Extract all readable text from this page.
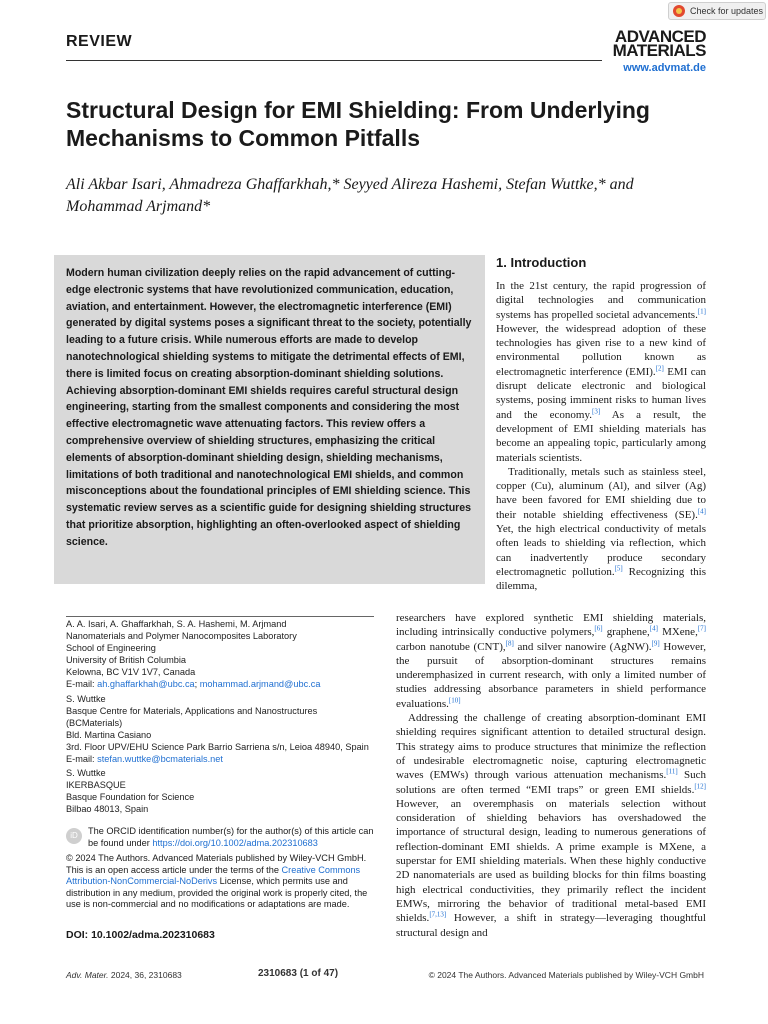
Check for updates
REVIEW	ADVANCED
MATERIALS
www.advmat.de
Structural Design for EMI Shielding: From Underlying Mechanisms to Common Pitfalls
Ali Akbar Isari, Ahmadreza Ghaffarkhah,* Seyyed Alireza Hashemi, Stefan Wuttke,* and Mohammad Arjmand*
Modern human civilization deeply relies on the rapid advancement of cutting-edge electronic systems that have revolutionized communication, education, aviation, and entertainment. However, the electromagnetic interference (EMI) generated by digital systems poses a significant threat to the society, potentially leading to a future crisis. While numerous efforts are made to develop nanotechnological shielding systems to mitigate the detrimental effects of EMI, there is limited focus on creating absorption-dominant shielding solutions. Achieving absorption-dominant EMI shields requires careful structural design engineering, starting from the smallest components and considering the most effective electromagnetic wave attenuating factors. This review offers a comprehensive overview of shielding structures, emphasizing the critical elements of absorption-dominant shielding design, shielding mechanisms, limitations of both traditional and nanotechnological EMI shields, and common misconceptions about the foundational principles of EMI shielding science. This systematic review serves as a scientific guide for designing shielding structures that prioritize absorption, highlighting an often-overlooked aspect of shielding science.
1. Introduction

In the 21st century, the rapid progression of digital technologies and communication systems has propelled societal advancements.[1] However, the widespread adoption of these technologies has given rise to a new kind of environmental pollution known as electromagnetic interference (EMI).[2] EMI can disrupt delicate electronic and biological systems, posing imminent risks to human lives and the economy.[3] As a result, the development of EMI shielding materials has become an appealing topic, particularly among materials scientists.

Traditionally, metals such as stainless steel, copper (Cu), aluminum (Al), and silver (Ag) have been favored for EMI shielding due to their notable shielding effectiveness (SE).[4] Yet, the high electrical conductivity of metals often leads to shielding via reflection, which can inadvertently produce secondary electromagnetic pollution.[5] Recognizing this dilemma,

researchers have explored synthetic EMI shielding materials, including intrinsically conductive polymers,[6] graphene,[4] MXene,[7] carbon nanotube (CNT),[8] and silver nanowire (AgNW).[9] However, the pursuit of absorption-dominant structures remains underemphasized in current research, with only a limited number of studies addressing absorbance parameters in shield performance evaluations.[10]

Addressing the challenge of creating absorption-dominant EMI shielding requires significant attention to detailed structural design. This strategy aims to produce structures that minimize the reflection of undesirable electromagnetic noise, capturing electromagnetic waves (EMWs) through various attenuation mechanisms.[11] Such solutions are often termed “EMI traps” or green EMI shields.[12] However, an overemphasis on materials selection without consideration of shielding behaviors has overshadowed the importance of structural design, leading to numerous generations of reflection-dominant EMI shields. A prime example is MXene, a superstar for EMI shielding materials. When these highly conductive 2D nanomaterials are used as building blocks for thin films boasting high electrical conductivities, they primarily reflect the incident EMWs, mirroring the behavior of traditional metal-based EMI shields.[7,13] However, a shift in strategy—leveraging thoughtful structural design and

A. A. Isari, A. Ghaffarkhah, S. A. Hashemi, M. Arjmand
Nanomaterials and Polymer Nanocomposites Laboratory
School of Engineering
University of British Columbia
Kelowna, BC V1V 1V7, Canada
E-mail: ah.ghaffarkhah@ubc.ca; mohammad.arjmand@ubc.ca
S. Wuttke
Basque Centre for Materials, Applications and Nanostructures
(BCMaterials)
Bld. Martina Casiano
3rd. Floor UPV/EHU Science Park Barrio Sarriena s/n, Leioa 48940, Spain
E-mail: stefan.wuttke@bcmaterials.net
S. Wuttke
IKERBASQUE
Basque Foundation for Science
Bilbao 48013, Spain
iD	The ORCID identification number(s) for the author(s) of this article can be found under https://doi.org/10.1002/adma.202310683
© 2024 The Authors. Advanced Materials published by Wiley-VCH GmbH. This is an open access article under the terms of the Creative Commons Attribution-NonCommercial-NoDerivs License, which permits use and distribution in any medium, provided the original work is properly cited, the use is non-commercial and no modifications or adaptations are made.
DOI: 10.1002/adma.202310683
Adv. Mater. 2024, 36, 2310683	2310683 (1 of 47)	© 2024 The Authors. Advanced Materials published by Wiley-VCH GmbH
